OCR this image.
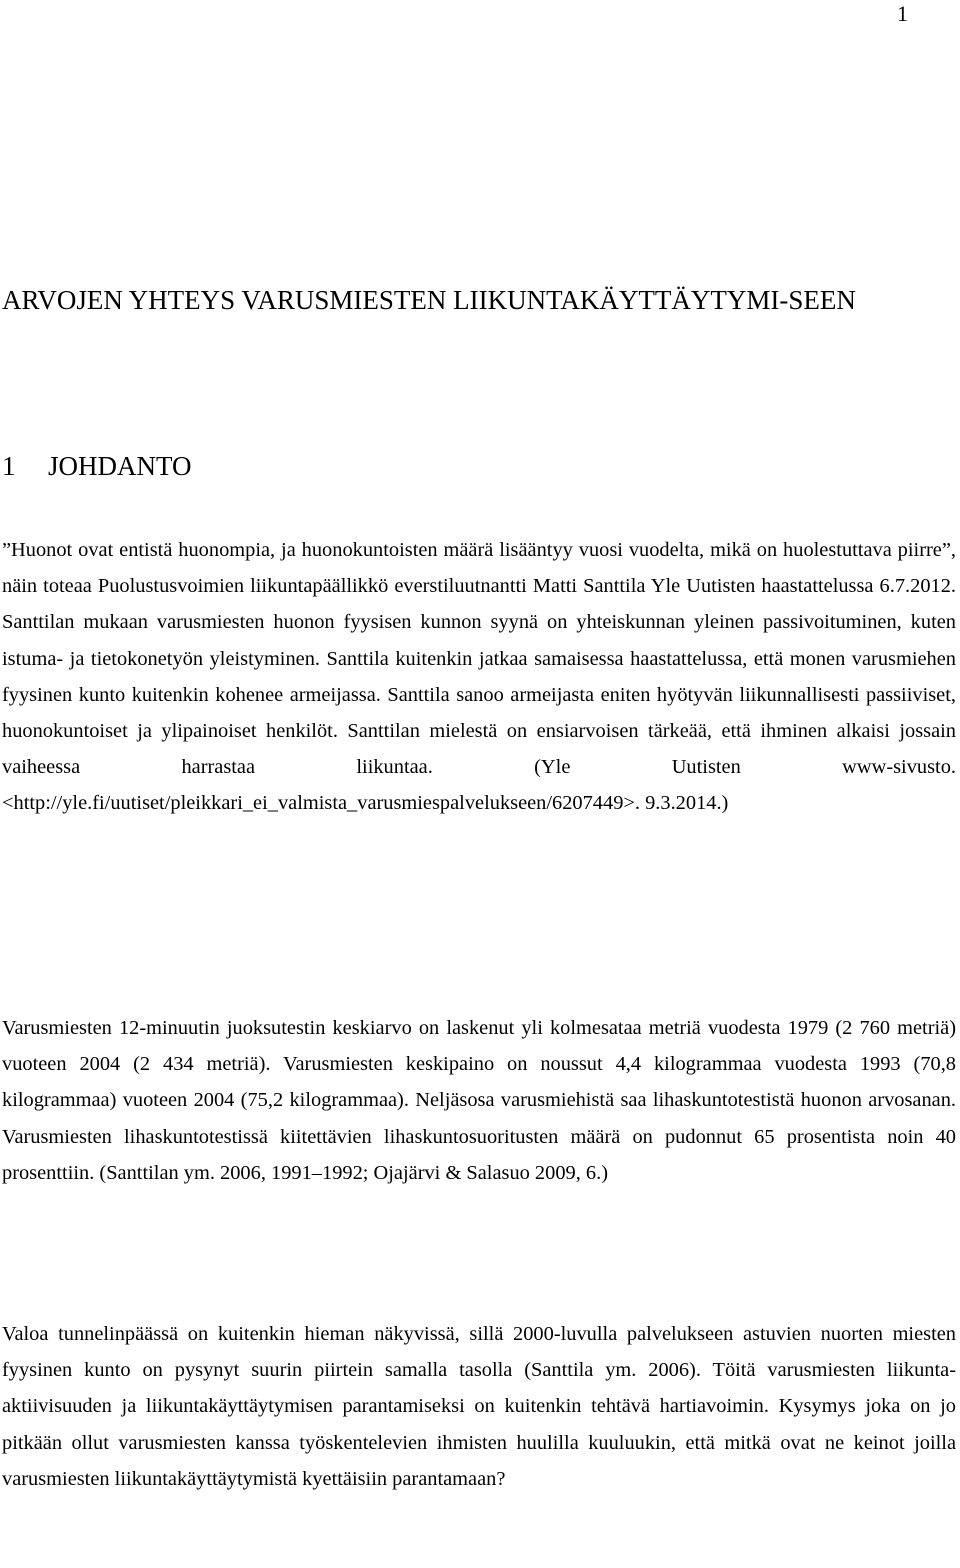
1
ARVOJEN YHTEYS VARUSMIESTEN LIIKUNTAKÄYTTÄYTYMI-SEEN
1 JOHDANTO

”Huonot ovat entistä huonompia, ja huonokuntoisten määrä lisääntyy vuosi vuodelta, mikä on huolestuttava piirre”, näin toteaa Puolustusvoimien liikuntapäällikkö everstiluutnantti Matti Santtila Yle Uutisten haastattelussa 6.7.2012. Santtilan mukaan varusmiesten huonon fyysisen kunnon syynä on yhteiskunnan yleinen passivoituminen, kuten istuma- ja tietokonetyön yleistyminen. Santtila kuitenkin jatkaa samaisessa haastattelussa, että monen varusmiehen fyysinen kunto kuitenkin kohenee armeijassa. Santtila sanoo armeijasta eniten hyötyvän liikunnallisesti passiiviset, huonokuntoiset ja ylipainoiset henkilöt. Santtilan mielestä on ensiarvoisen tärkeää, että ihminen alkaisi jossain vaiheessa harrastaa liikuntaa. (Yle Uutisten www-sivusto.<http://yle.fi/uutiset/pleikkari_ei_valmista_varusmiespalvelukseen/6207449>. 9.3.2014.)

Varusmiesten 12-minuutin juoksutestin keskiarvo on laskenut yli kolmesataa metriä vuodesta 1979 (2 760 metriä) vuoteen 2004 (2 434 metriä). Varusmiesten keskipaino on noussut 4,4 kilogrammaa vuodesta 1993 (70,8 kilogrammaa) vuoteen 2004 (75,2 kilogrammaa). Neljäsosa varusmiehistä saa lihaskuntotestistä huonon arvosanan. Varusmiesten lihaskuntotestissä kiitettävien lihaskuntosuoritusten määrä on pudonnut 65 prosentista noin 40 prosenttiin. (Santtilan ym. 2006, 1991–1992; Ojajärvi & Salasuo 2009, 6.)

Valoa tunnelinpäässä on kuitenkin hieman näkyvissä, sillä 2000-luvulla palvelukseen astuvien nuorten miesten fyysinen kunto on pysynyt suurin piirtein samalla tasolla (Santtila ym. 2006). Töitä varusmiesten liikunta-aktiivisuuden ja liikuntakäyttäytymisen parantamiseksi on kuitenkin tehtävä hartiavoimin. Kysymys joka on jo pitkään ollut varusmiesten kanssa työskentelevien ihmisten huulilla kuuluukin, että mitkä ovat ne keinot joilla varusmiesten liikuntakäyttäytymistä kyettäisiin parantamaan?
